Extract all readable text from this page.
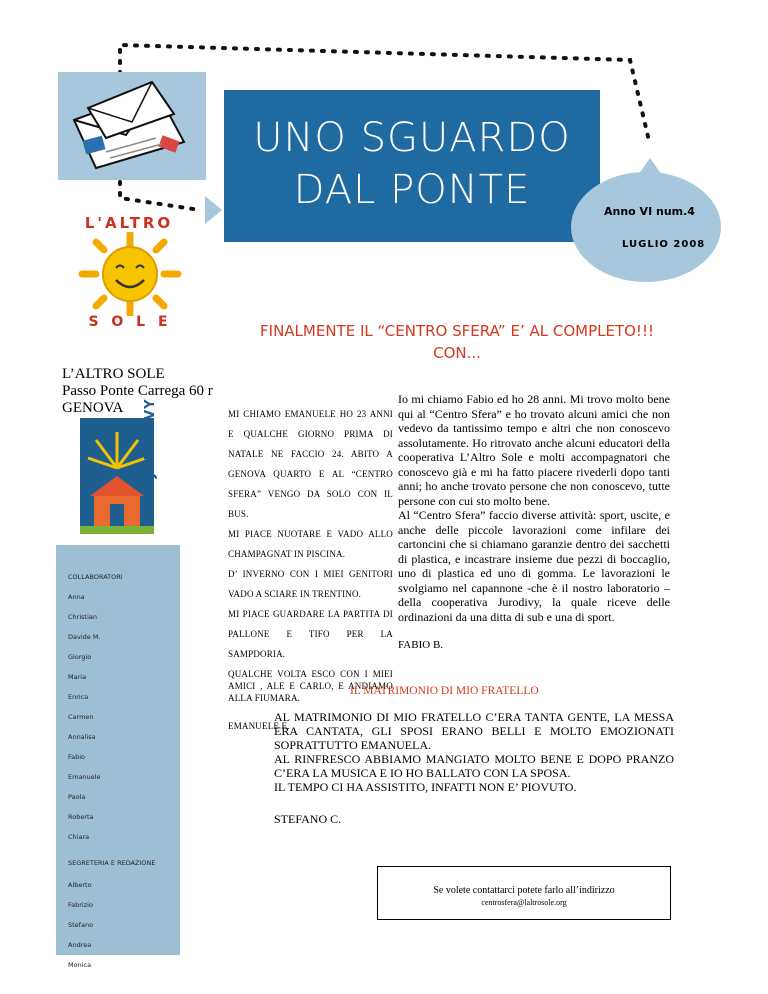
UNO SGUARDO
DAL PONTE	Anno VI num.4
LUGLIO 2008
L'ALTRO
S O L E	FINALMENTE IL “CENTRO SFERA” E’ AL COMPLETO!!!
CON...
L’ALTRO SOLE
Passo Ponte Carrega 60 r
GENOVA	JURODIVY
COLLABORATORI
Anna
Christian
Davide M.
Giorgio
Maria
Enrica
Carmen
Annalisa
Fabio
Emanuele
Paola
Roberta
Chiara
SEGRETERIA E REDAZIONE
Alberto
Fabrizio
Stefano
Andrea
Monica

MI CHIAMO EMANUELE HO 23 ANNI E QUALCHE GIORNO PRIMA DI NATALE NE FACCIO 24. ABITO A GENOVA QUARTO E AL “CENTRO SFERA” VENGO DA SOLO CON IL BUS.

MI PIACE NUOTARE E VADO ALLO CHAMPAGNAT IN PISCINA.

D’ INVERNO CON I MIEI GENITORI VADO A SCIARE IN TRENTINO.

MI PIACE GUARDARE LA PARTITA DI PALLONE E TIFO PER LA SAMPDORIA.

QUALCHE VOLTA ESCO CON I MIEI AMICI , ALE E CARLO, E ANDIAMO ALLA FIUMARA.

EMANUELE E.

Io mi chiamo Fabio ed ho 28 anni. Mi trovo molto bene qui al “Centro Sfera” e ho trovato alcuni amici che non vedevo da tantissimo tempo e altri che non conoscevo assolutamente. Ho ritrovato anche alcuni educatori della cooperativa L’Altro Sole e molti accompagnatori che conoscevo già e mi ha fatto piacere rivederli dopo tanti anni; ho anche trovato persone che non conoscevo, tutte persone con cui sto molto bene.

Al “Centro Sfera” faccio diverse attività: sport, uscite, e anche delle piccole lavorazioni come infilare dei cartoncini che si chiamano garanzie dentro dei sacchetti di plastica, e incastrare insieme due pezzi di boccaglio, uno di plastica ed uno di gomma. Le lavorazioni le svolgiamo nel capannone -che è il nostro laboratorio – della cooperativa Jurodivy, la quale riceve delle ordinazioni da una ditta di sub e una di sport.

FABIO B.

IL MATRIMONIO DI MIO FRATELLO

AL MATRIMONIO DI MIO FRATELLO C’ERA TANTA GENTE, LA MESSA ERA CANTATA, GLI SPOSI ERANO BELLI E MOLTO EMOZIONATI SOPRATTUTTO EMANUELA.

AL RINFRESCO ABBIAMO MANGIATO MOLTO BENE E DOPO PRANZO C’ERA LA MUSICA E IO HO BALLATO CON LA SPOSA.

IL TEMPO CI HA ASSISTITO, INFATTI NON E’ PIOVUTO.

STEFANO C.

Se volete contattarci potete farlo all’indirizzo
centrosfera@laltrosole.org
